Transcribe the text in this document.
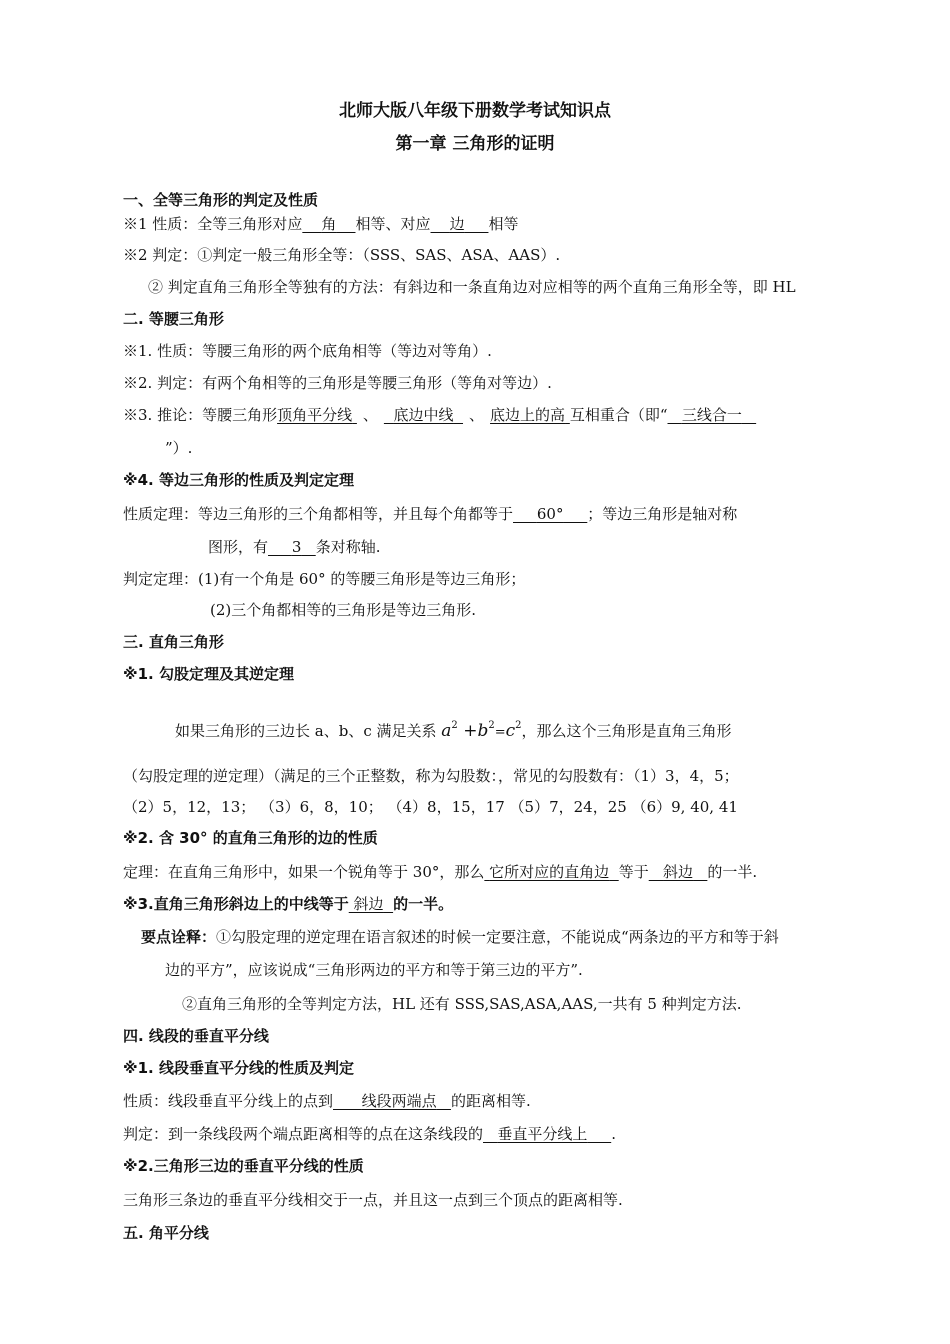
北师大版八年级下册数学考试知识点
第一章 三角形的证明
一、全等三角形的判定及性质
※1 性质：全等三角形对应 角 相等、对应 边 相等
※2 判定：①判定一般三角形全等：（SSS、SAS、ASA、AAS）.
② 判定直角三角形全等独有的方法：有斜边和一条直角边对应相等的两个直角三角形全等，即 HL
二. 等腰三角形
※1. 性质：等腰三角形的两个底角相等（等边对等角）.
※2. 判定：有两个角相等的三角形是等腰三角形（等角对等边）.
※3. 推论：等腰三角形顶角平分线 、 底边中线 、 底边上的高 互相重合（即“ 三线合一
”）.
※4. 等边三角形的性质及判定定理
性质定理：等边三角形的三个角都相等，并且每个角都等于 60° ；等边三角形是轴对称
图形，有 3 条对称轴.
判定定理：(1)有一个角是 60° 的等腰三角形是等边三角形；
(2)三个角都相等的三角形是等边三角形.
三. 直角三角形
※1. 勾股定理及其逆定理
如果三角形的三边长 a、b、c 满足关系 $a^2 +b^2=c^2$，那么这个三角形是直角三角形
（勾股定理的逆定理）（满足的三个正整数，称为勾股数：，常见的勾股数有：（1）3，4，5；
（2）5，12，13； （3）6，8，10； （4）8，15，17 （5）7，24，25 （6）9, 40, 41
※2. 含 30° 的直角三角形的边的性质
定理：在直角三角形中，如果一个锐角等于 30°，那么 它所对应的直角边 等于 斜边 的一半.
※3.直角三角形斜边上的中线等于 斜边 的一半。
要点诠释：①勾股定理的逆定理在语言叙述的时候一定要注意，不能说成“两条边的平方和等于斜
边的平方”，应该说成“三角形两边的平方和等于第三边的平方”.
②直角三角形的全等判定方法，HL 还有 SSS,SAS,ASA,AAS,一共有 5 种判定方法.
四. 线段的垂直平分线
※1. 线段垂直平分线的性质及判定
性质：线段垂直平分线上的点到 线段两端点 的距离相等.
判定：到一条线段两个端点距离相等的点在这条线段的 垂直平分线上 .
※2.三角形三边的垂直平分线的性质
三角形三条边的垂直平分线相交于一点，并且这一点到三个顶点的距离相等.
五. 角平分线
